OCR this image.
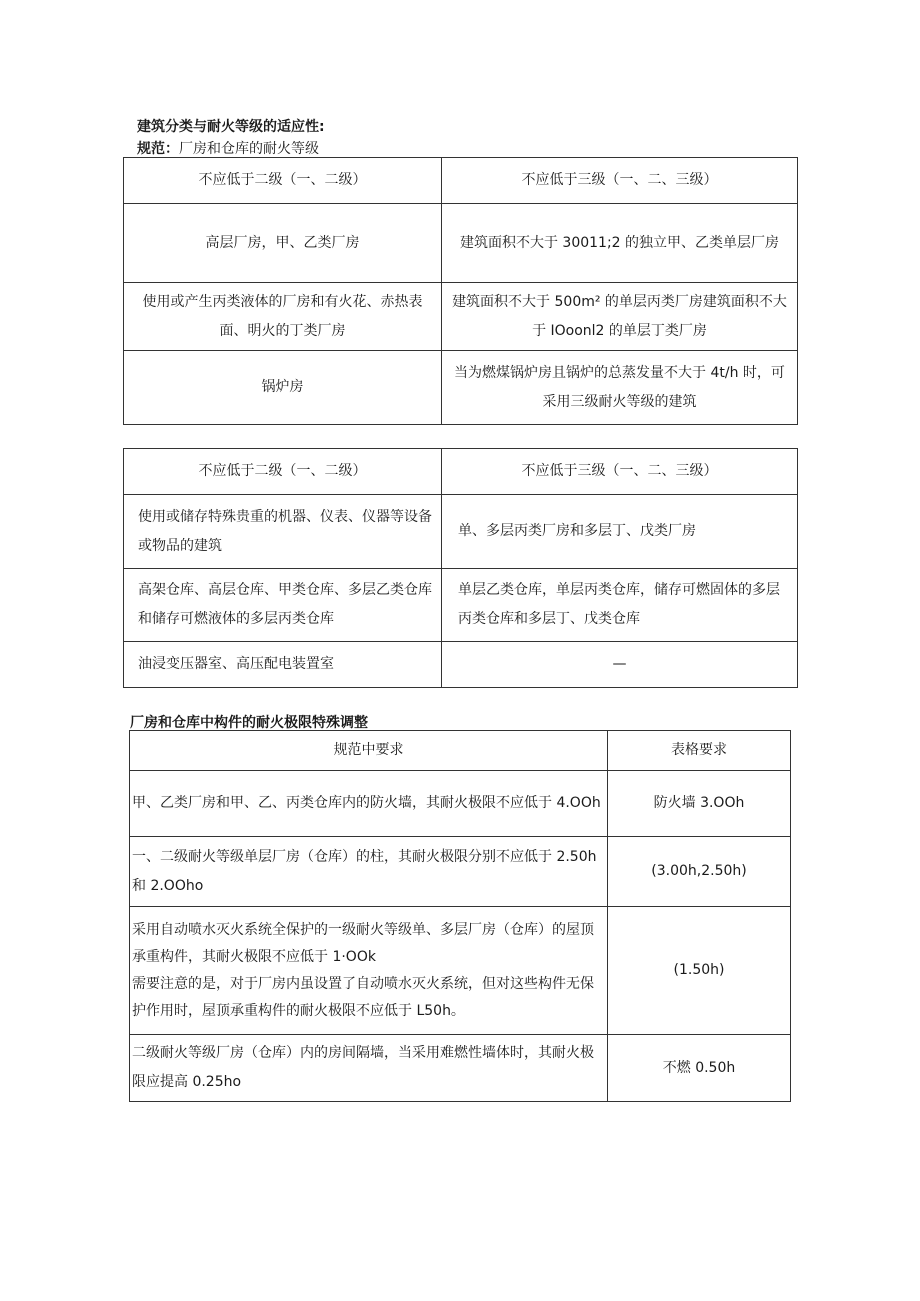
建筑分类与耐火等级的适应性:
规范：厂房和仓库的耐火等级
不应低于二级（一、二级）	不应低于三级（一、二、三级）
高层厂房，甲、乙类厂房	建筑面积不大于 30011;2 的独立甲、乙类单层厂房
使用或产生丙类液体的厂房和有火花、赤热表面、明火的丁类厂房	建筑面积不大于 500m² 的单层丙类厂房建筑面积不大于 IOoonl2 的单层丁类厂房
锅炉房	当为燃煤锅炉房且锅炉的总蒸发量不大于 4t/h 时，可采用三级耐火等级的建筑
不应低于二级（一、二级）	不应低于三级（一、二、三级）
使用或储存特殊贵重的机器、仪表、仪器等设备或物品的建筑	单、多层丙类厂房和多层丁、戊类厂房
高架仓库、高层仓库、甲类仓库、多层乙类仓库和储存可燃液体的多层丙类仓库	单层乙类仓库，单层丙类仓库，储存可燃固体的多层丙类仓库和多层丁、戊类仓库
油浸变压器室、高压配电装置室	—
厂房和仓库中构件的耐火极限特殊调整
规范中要求	表格要求
甲、乙类厂房和甲、乙、丙类仓库内的防火墙，其耐火极限不应低于 4.OOh	防火墙 3.OOh
一、二级耐火等级单层厂房（仓库）的柱，其耐火极限分别不应低于 2.50h 和 2.OOho	(3.00h,2.50h)

采用自动喷水灭火系统全保护的一级耐火等级单、多层厂房（仓库）的屋顶承重构件，其耐火极限不应低于 1·OOk
需要注意的是，对于厂房内虽设置了自动喷水灭火系统，但对这些构件无保护作用时，屋顶承重构件的耐火极限不应低于 L50h。	(1.50h)
二级耐火等级厂房（仓库）内的房间隔墙，当采用难燃性墙体时，其耐火极限应提高 0.25ho	不燃 0.50h
